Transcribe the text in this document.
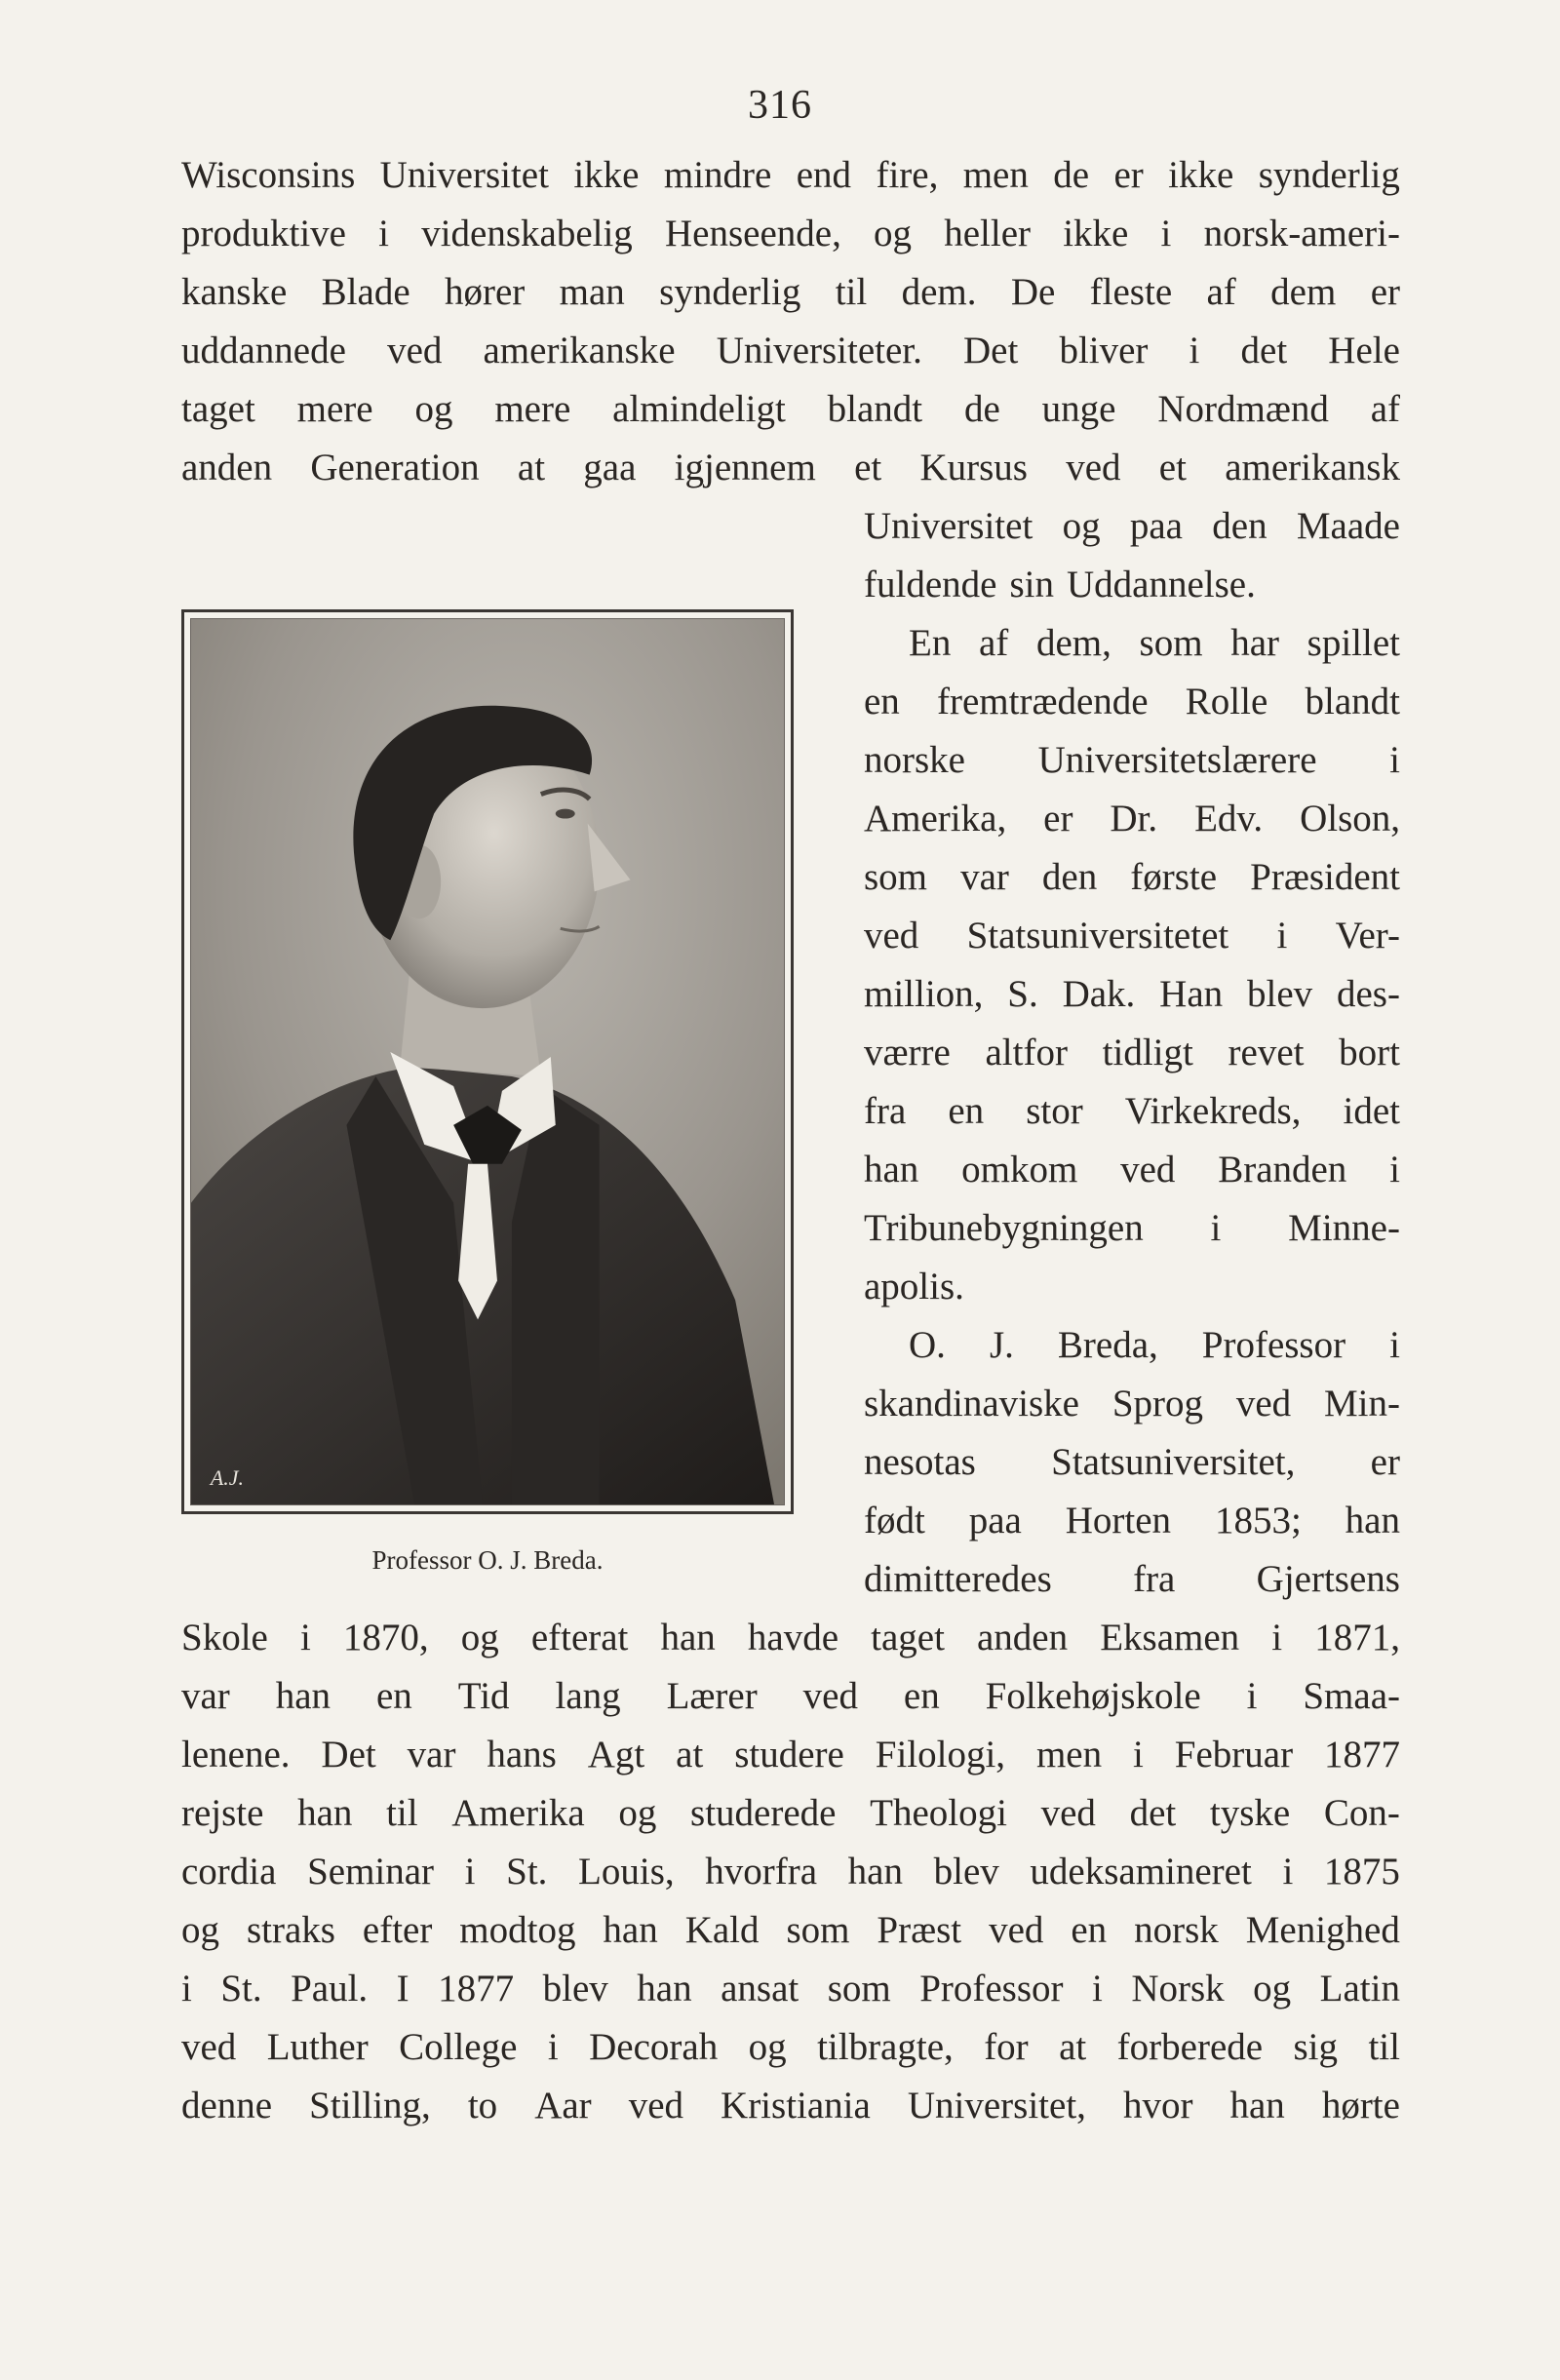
316
Wisconsins Universitet ikke mindre end fire, men de er ikke synderlig
produktive i videnskabelig Henseende, og heller ikke i norsk-ameri-
kanske Blade hører man synderlig til dem. De fleste af dem er
uddannede ved amerikanske Universiteter. Det bliver i det Hele
taget mere og mere almindeligt blandt de unge Nordmænd af
anden Generation at gaa igjennem et Kursus ved et amerikansk
Universitet og paa den Maade
fuldende sin Uddannelse.
En af dem, som har spillet
en fremtrædende Rolle blandt
norske Universitetslærere i
Amerika, er Dr. Edv. Olson,
som var den første Præsident
ved Statsuniversitetet i Ver-
million, S. Dak. Han blev des-
værre altfor tidligt revet bort
fra en stor Virkekreds, idet
han omkom ved Branden i
Tribunebygningen i Minne-
apolis.
O. J. Breda, Professor i
skandinaviske Sprog ved Min-
nesotas Statsuniversitet, er
født paa Horten 1853; han
dimitteredes fra Gjertsens
Skole i 1870, og efterat han havde taget anden Eksamen i 1871,
var han en Tid lang Lærer ved en Folkehøjskole i Smaa-
lenene. Det var hans Agt at studere Filologi, men i Februar 1877
rejste han til Amerika og studerede Theologi ved det tyske Con-
cordia Seminar i St. Louis, hvorfra han blev udeksamineret i 1875
og straks efter modtog han Kald som Præst ved en norsk Menighed
i St. Paul. I 1877 blev han ansat som Professor i Norsk og Latin
ved Luther College i Decorah og tilbragte, for at forberede sig til
denne Stilling, to Aar ved Kristiania Universitet, hvor han hørte
A.J.
Professor O. J. Breda.
